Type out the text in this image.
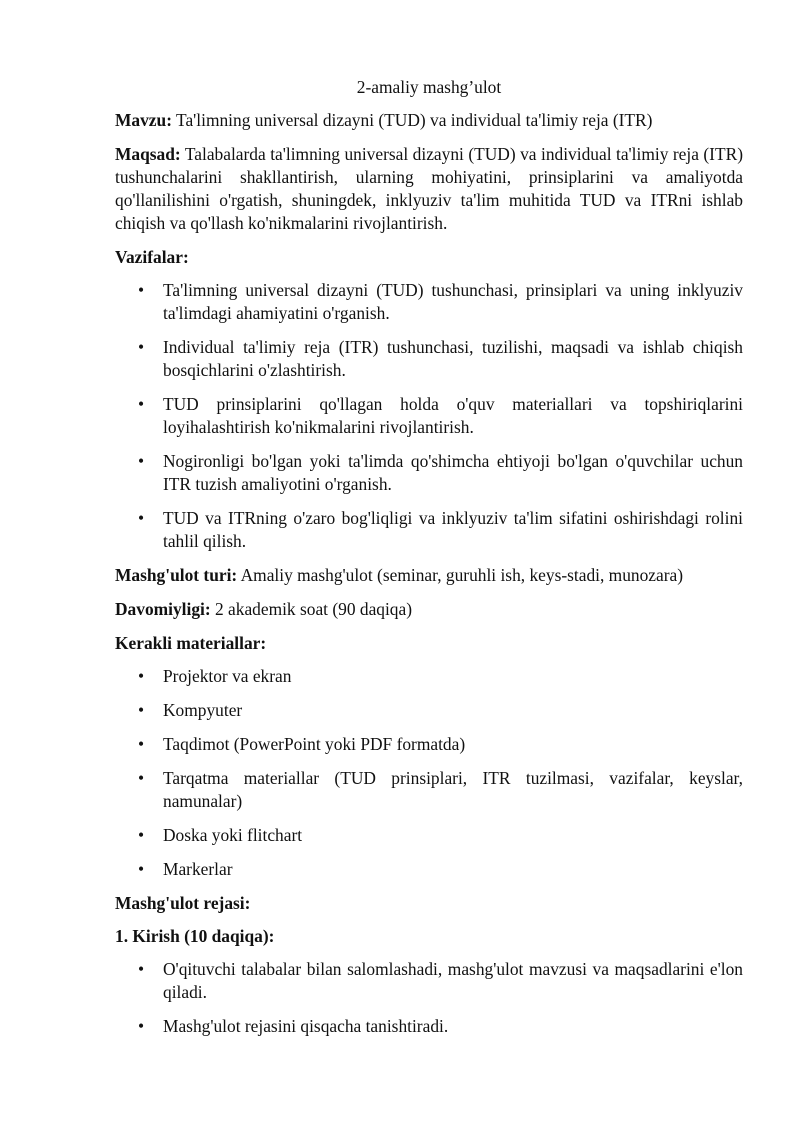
2-amaliy mashg’ulot

Mavzu: Ta'limning universal dizayni (TUD) va individual ta'limiy reja (ITR)

Maqsad: Talabalarda ta'limning universal dizayni (TUD) va individual ta'limiy reja (ITR) tushunchalarini shakllantirish, ularning mohiyatini, prinsiplarini va amaliyotda qo'llanilishini o'rgatish, shuningdek, inklyuziv ta'lim muhitida TUD va ITRni ishlab chiqish va qo'llash ko'nikmalarini rivojlantirish.

Vazifalar:
• Ta'limning universal dizayni (TUD) tushunchasi, prinsiplari va uning inklyuziv ta'limdagi ahamiyatini o'rganish.
• Individual ta'limiy reja (ITR) tushunchasi, tuzilishi, maqsadi va ishlab chiqish bosqichlarini o'zlashtirish.
• TUD prinsiplarini qo'llagan holda o'quv materiallari va topshiriqlarini loyihalashtirish ko'nikmalarini rivojlantirish.
• Nogironligi bo'lgan yoki ta'limda qo'shimcha ehtiyoji bo'lgan o'quvchilar uchun ITR tuzish amaliyotini o'rganish.
• TUD va ITRning o'zaro bog'liqligi va inklyuziv ta'lim sifatini oshirishdagi rolini tahlil qilish.

Mashg'ulot turi: Amaliy mashg'ulot (seminar, guruhli ish, keys-stadi, munozara)

Davomiyligi: 2 akademik soat (90 daqiqa)

Kerakli materiallar:
• Projektor va ekran
• Kompyuter
• Taqdimot (PowerPoint yoki PDF formatda)
• Tarqatma materiallar (TUD prinsiplari, ITR tuzilmasi, vazifalar, keyslar, namunalar)
• Doska yoki flitchart
• Markerlar
Mashg'ulot rejasi:
1. Kirish (10 daqiqa):
• O'qituvchi talabalar bilan salomlashadi, mashg'ulot mavzusi va maqsadlarini e'lon qiladi.
• Mashg'ulot rejasini qisqacha tanishtiradi.
